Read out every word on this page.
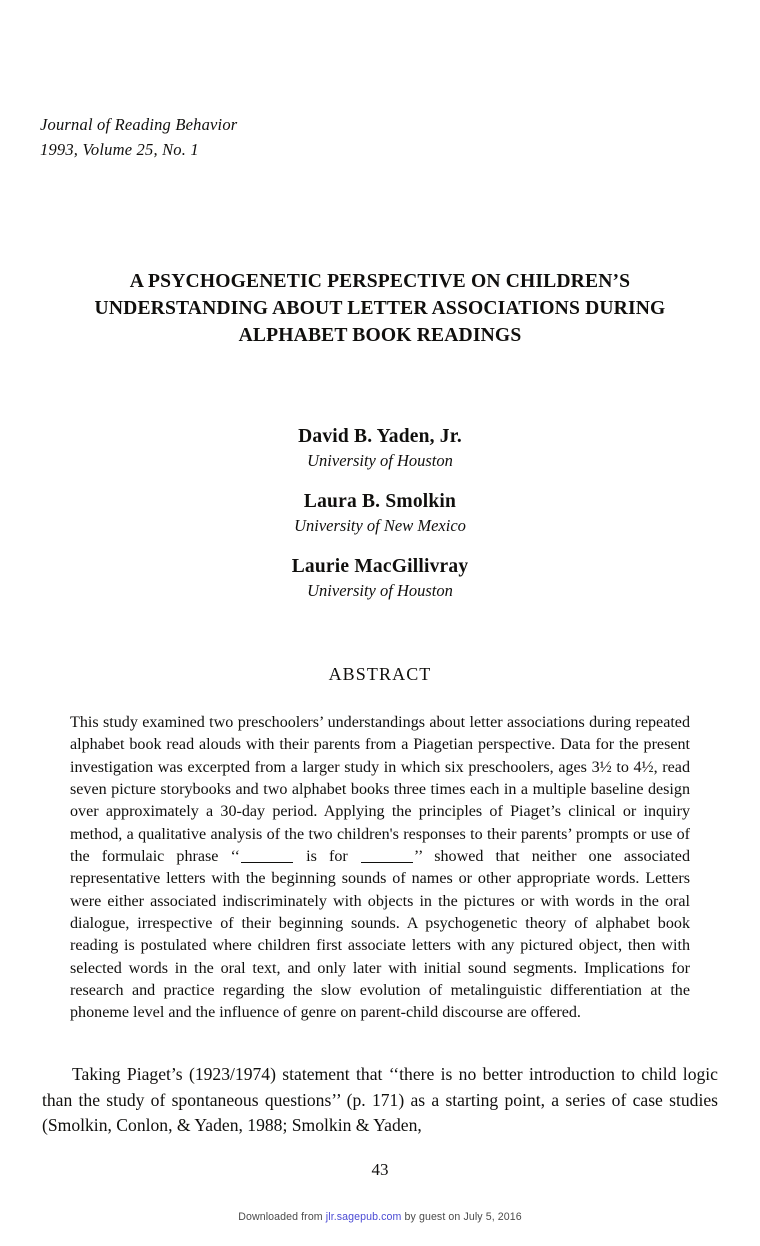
Journal of Reading Behavior
1993, Volume 25, No. 1
A PSYCHOGENETIC PERSPECTIVE ON CHILDREN’S
UNDERSTANDING ABOUT LETTER ASSOCIATIONS DURING
ALPHABET BOOK READINGS
David B. Yaden, Jr.
University of Houston
Laura B. Smolkin
University of New Mexico
Laurie MacGillivray
University of Houston
ABSTRACT
This study examined two preschoolers’ understandings about letter associations during repeated alphabet book read alouds with their parents from a Piagetian perspective. Data for the present investigation was excerpted from a larger study in which six preschoolers, ages 3½ to 4½, read seven picture storybooks and two alphabet books three times each in a multiple baseline design over approximately a 30-day period. Applying the principles of Piaget’s clinical or inquiry method, a qualitative analysis of the two children's responses to their parents’ prompts or use of the formulaic phrase ‘‘	is for	’’ showed that neither one associated representative letters with the beginning sounds of names or other appropriate words. Letters were either associated indiscriminately with objects in the pictures or with words in the oral dialogue, irrespective of their beginning sounds. A psychogenetic theory of alphabet book reading is postulated where children first associate letters with any pictured object, then with selected words in the oral text, and only later with initial sound segments. Implications for research and practice regarding the slow evolution of metalinguistic differentiation at the phoneme level and the influence of genre on parent-child discourse are offered.
Taking Piaget’s (1923/1974) statement that ‘‘there is no better introduction to child logic than the study of spontaneous questions’’ (p. 171) as a starting point, a series of case studies (Smolkin, Conlon, & Yaden, 1988; Smolkin & Yaden,
43
Downloaded from jlr.sagepub.com by guest on July 5, 2016
